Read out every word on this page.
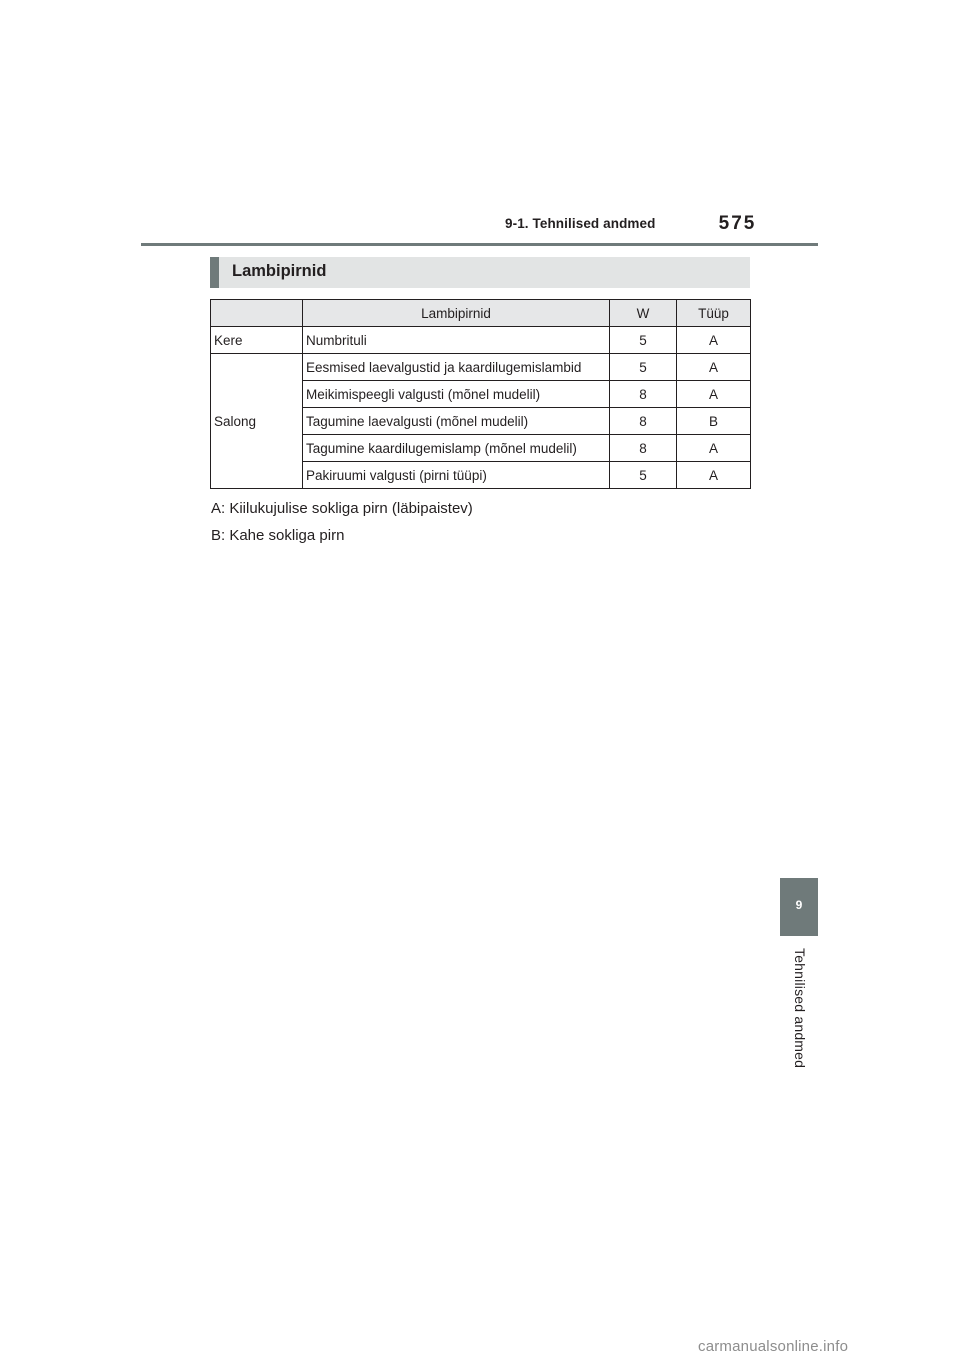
9-1. Tehnilised andmed	575
Lambipirnid
	Lambipirnid	W	Tüüp
Kere	Numbrituli	5	A
Salong	Eesmised laevalgustid ja kaardilugemislambid	5	A
	Meikimispeegli valgusti (mõnel mudelil)	8	A
	Tagumine laevalgusti (mõnel mudelil)	8	B
	Tagumine kaardilugemislamp (mõnel mudelil)	8	A
	Pakiruumi valgusti (pirni tüüpi)	5	A
A: Kiilukujulise sokliga pirn (läbipaistev)
B: Kahe sokliga pirn
9
Tehnilised andmed
carmanualsonline.info
